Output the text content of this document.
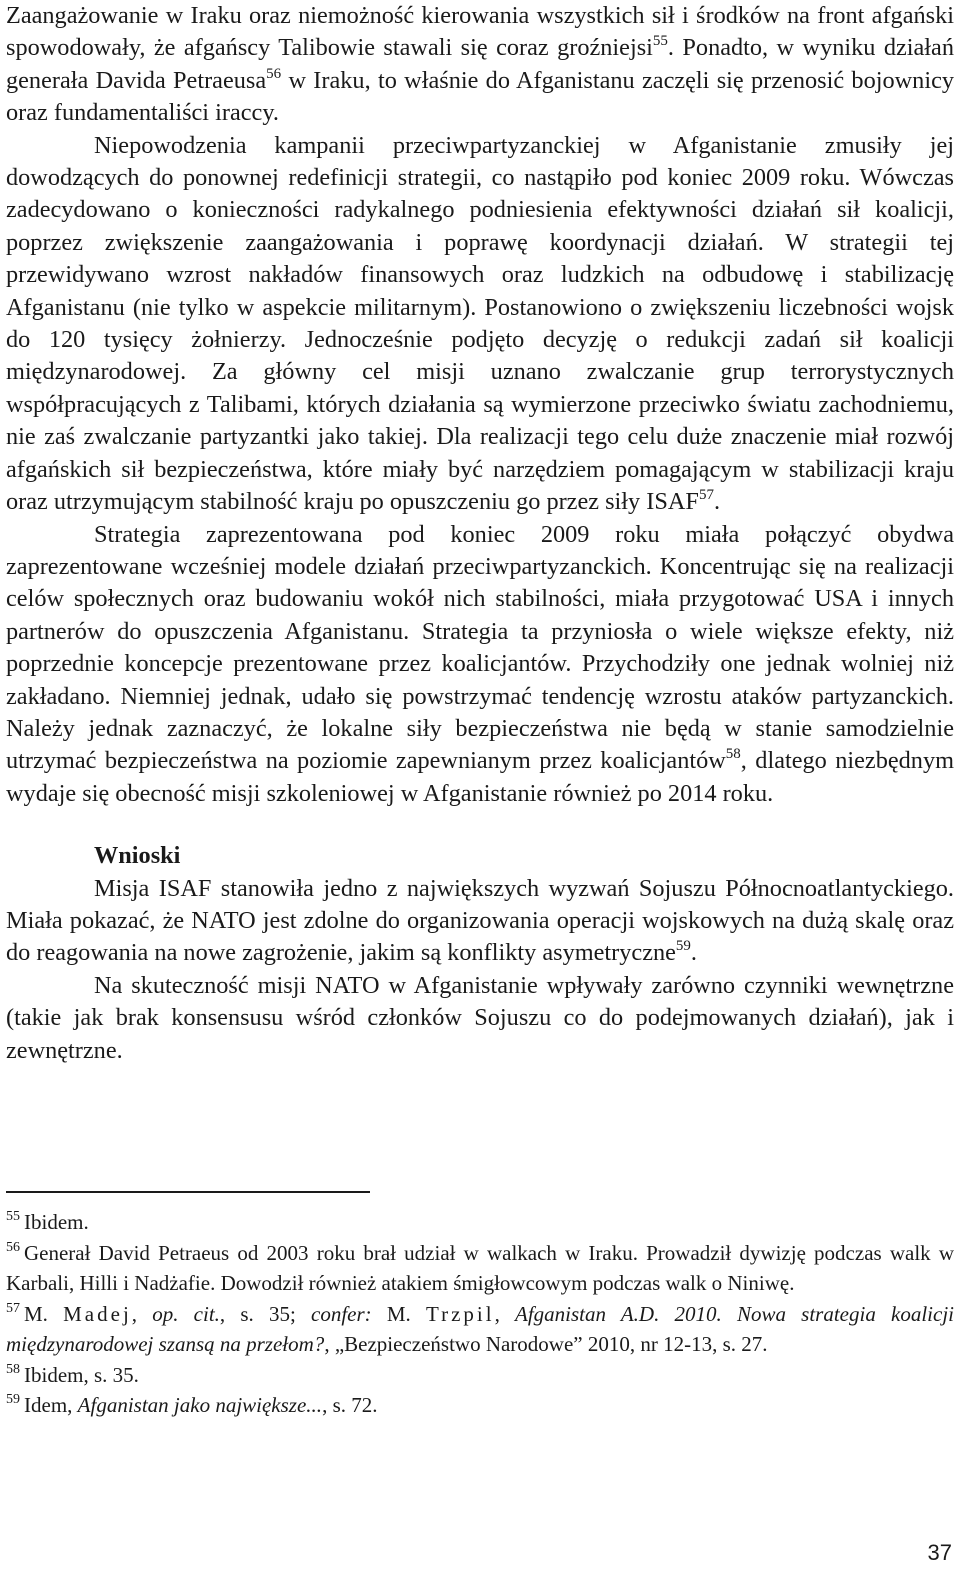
Zaangażowanie w Iraku oraz niemożność kierowania wszystkich sił i środków na front afgański spowodowały, że afgańscy Talibowie stawali się coraz groźniejsi$^{55}$. Ponadto, w wyniku działań generała Davida Petraeusa$^{56}$ w Iraku, to właśnie do Afganistanu zaczęli się przenosić bojownicy oraz fundamentaliści iraccy.

Niepowodzenia kampanii przeciwpartyzanckiej w Afganistanie zmusiły jej dowodzących do ponownej redefinicji strategii, co nastąpiło pod koniec 2009 roku. Wówczas zadecydowano o konieczności radykalnego podniesienia efektywności działań sił koalicji, poprzez zwiększenie zaangażowania i poprawę koordynacji działań. W strategii tej przewidywano wzrost nakładów finansowych oraz ludzkich na odbudowę i stabilizację Afganistanu (nie tylko w aspekcie militarnym). Postanowiono o zwiększeniu liczebności wojsk do 120 tysięcy żołnierzy. Jednocześnie podjęto decyzję o redukcji zadań sił koalicji międzynarodowej. Za główny cel misji uznano zwalczanie grup terrorystycznych współpracujących z Talibami, których działania są wymierzone przeciwko światu zachodniemu, nie zaś zwalczanie partyzantki jako takiej. Dla realizacji tego celu duże znaczenie miał rozwój afgańskich sił bezpieczeństwa, które miały być narzędziem pomagającym w stabilizacji kraju oraz utrzymującym stabilność kraju po opuszczeniu go przez siły ISAF$^{57}$.

Strategia zaprezentowana pod koniec 2009 roku miała połączyć obydwa zaprezentowane wcześniej modele działań przeciwpartyzanckich. Koncentrując się na realizacji celów społecznych oraz budowaniu wokół nich stabilności, miała przygotować USA i innych partnerów do opuszczenia Afganistanu. Strategia ta przyniosła o wiele większe efekty, niż poprzednie koncepcje prezentowane przez koalicjantów. Przychodziły one jednak wolniej niż zakładano. Niemniej jednak, udało się powstrzymać tendencję wzrostu ataków partyzanckich. Należy jednak zaznaczyć, że lokalne siły bezpieczeństwa nie będą w stanie samodzielnie utrzymać bezpieczeństwa na poziomie zapewnianym przez koalicjantów$^{58}$, dlatego niezbędnym wydaje się obecność misji szkoleniowej w Afganistanie również po 2014 roku.

Wnioski

Misja ISAF stanowiła jedno z największych wyzwań Sojuszu Północnoatlantyckiego. Miała pokazać, że NATO jest zdolne do organizowania operacji wojskowych na dużą skalę oraz do reagowania na nowe zagrożenie, jakim są konflikty asymetryczne$^{59}$.

Na skuteczność misji NATO w Afganistanie wpływały zarówno czynniki wewnętrzne (takie jak brak konsensusu wśród członków Sojuszu co do podejmowanych działań), jak i zewnętrzne.

$^{55}$ Ibidem.

$^{56}$ Generał David Petraeus od 2003 roku brał udział w walkach w Iraku. Prowadził dywizję podczas walk w Karbali, Hilli i Nadżafie. Dowodził również atakiem śmigłowcowym podczas walk o Niniwę.

$^{57}$ M. Madej, op. cit., s. 35; confer: M. Trzpil, Afganistan A.D. 2010. Nowa strategia koalicji międzynarodowej szansą na przełom?, „Bezpieczeństwo Narodowe” 2010, nr 12-13, s. 27.

$^{58}$ Ibidem, s. 35.

$^{59}$ Idem, Afganistan jako największe..., s. 72.

37
